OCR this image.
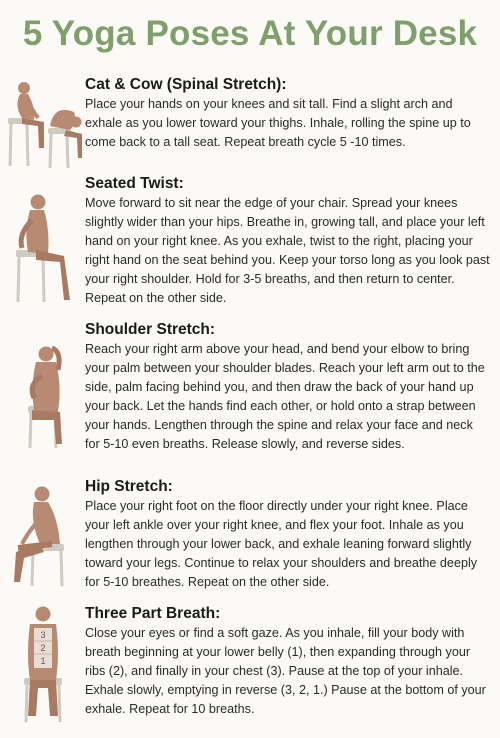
5 Yoga Poses At Your Desk
Cat & Cow (Spinal Stretch):

Place your hands on your knees and sit tall. Find a slight arch and exhale as you lower toward your thighs. Inhale, rolling the spine up to come back to a tall seat. Repeat breath cycle 5 -10 times.

Seated Twist:

Move forward to sit near the edge of your chair. Spread your knees slightly wider than your hips. Breathe in, growing tall, and place your left hand on your right knee. As you exhale, twist to the right, placing your right hand on the seat behind you. Keep your torso long as you look past your right shoulder. Hold for 3-5 breaths, and then return to center. Repeat on the other side.

Shoulder Stretch:

Reach your right arm above your head, and bend your elbow to bring your palm between your shoulder blades. Reach your left arm out to the side, palm facing behind you, and then draw the back of your hand up your back. Let the hands find each other, or hold onto a strap between your hands. Lengthen through the spine and relax your face and neck for 5-10 even breaths. Release slowly, and reverse sides.

Hip Stretch:

Place your right foot on the floor directly under your right knee. Place your left ankle over your right knee, and flex your foot. Inhale as you lengthen through your lower back, and exhale leaning forward slightly toward your legs. Continue to relax your shoulders and breathe deeply for 5-10 breathes. Repeat on the other side.

3
2
1
Three Part Breath:

Close your eyes or find a soft gaze. As you inhale, fill your body with breath beginning at your lower belly (1), then expanding through your ribs (2), and finally in your chest (3). Pause at the top of your inhale. Exhale slowly, emptying in reverse (3, 2, 1.) Pause at the bottom of your exhale. Repeat for 10 breaths.
